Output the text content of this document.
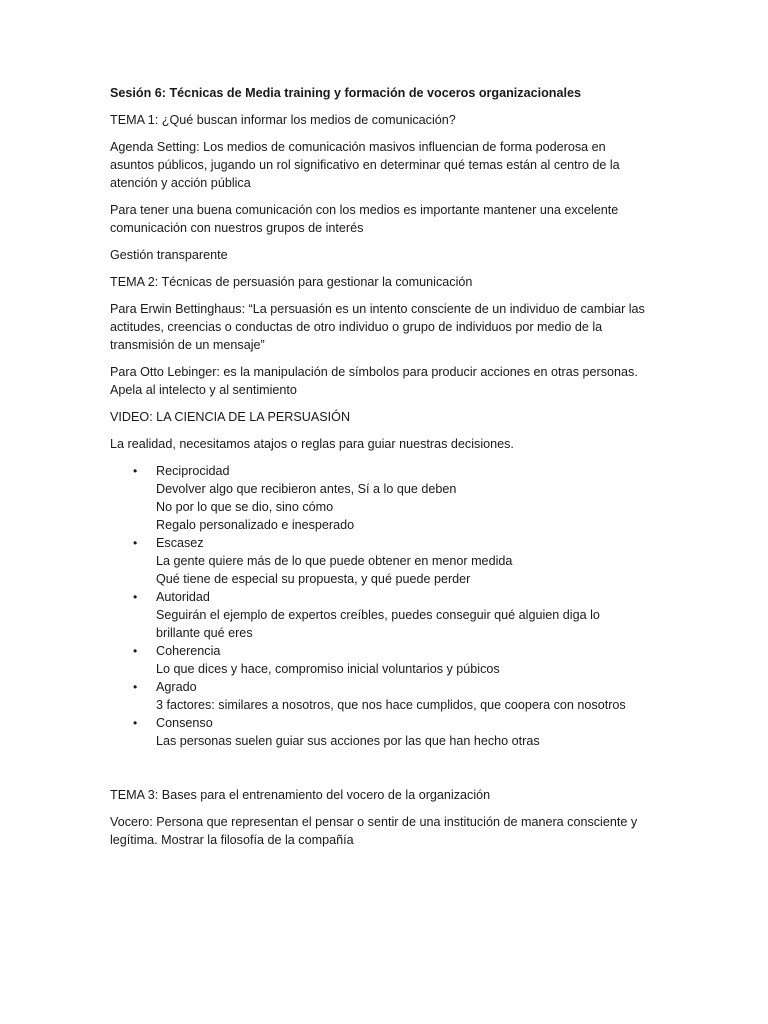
Sesión 6: Técnicas de Media training y formación de voceros organizacionales
TEMA 1: ¿Qué buscan informar los medios de comunicación?
Agenda Setting: Los medios de comunicación masivos influencian de forma poderosa en
asuntos públicos, jugando un rol significativo en determinar qué temas están al centro de la
atención y acción pública
Para tener una buena comunicación con los medios es importante mantener una excelente
comunicación con nuestros grupos de interés
Gestión transparente
TEMA 2: Técnicas de persuasión para gestionar la comunicación
Para Erwin Bettinghaus: “La persuasión es un intento consciente de un individuo de cambiar las
actitudes, creencias o conductas de otro individuo o grupo de individuos por medio de la
transmisión de un mensaje”
Para Otto Lebinger: es la manipulación de símbolos para producir acciones en otras personas.
Apela al intelecto y al sentimiento
VIDEO: LA CIENCIA DE LA PERSUASIÓN
La realidad, necesitamos atajos o reglas para guiar nuestras decisiones.
• Reciprocidad
Devolver algo que recibieron antes, Sí a lo que deben
No por lo que se dio, sino cómo
Regalo personalizado e inesperado
• Escasez
La gente quiere más de lo que puede obtener en menor medida
Qué tiene de especial su propuesta, y qué puede perder
• Autoridad
Seguirán el ejemplo de expertos creíbles, puedes conseguir qué alguien diga lo
brillante qué eres
• Coherencia
Lo que dices y hace, compromiso inicial voluntarios y púbicos
• Agrado
3 factores: similares a nosotros, que nos hace cumplidos, que coopera con nosotros
• Consenso
Las personas suelen guiar sus acciones por las que han hecho otras
TEMA 3: Bases para el entrenamiento del vocero de la organización
Vocero: Persona que representan el pensar o sentir de una institución de manera consciente y
legítima. Mostrar la filosofía de la compañía
